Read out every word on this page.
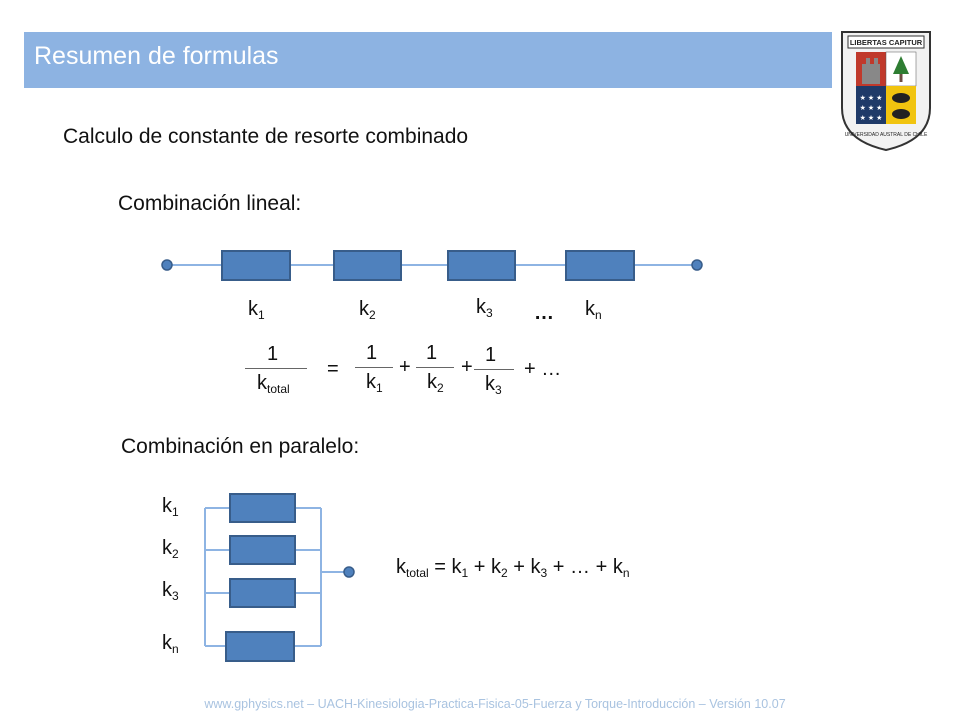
Resumen de formulas	LIBERTAS CAPITUR
★ ★ ★
★ ★ ★
★ ★ ★
UNIVERSIDAD AUSTRAL DE CHILE
Calculo de constante de resorte combinado
Combinación lineal:
$k_1$	$k_2$	$k_3$ … $k_n$
1
$k_{total}$
=
1
$k_1$
+
1
$k_2$
+
1
$k_3$
+ …
Combinación en paralelo:
$k_1$
$k_2$
$k_3$
$k_n$
$k_{total} = k_1 + k_2 + k_3$ + … + $k_n$
www.gphysics.net – UACH-Kinesiologia-Practica-Fisica-05-Fuerza y Torque-Introducción – Versión 10.07
